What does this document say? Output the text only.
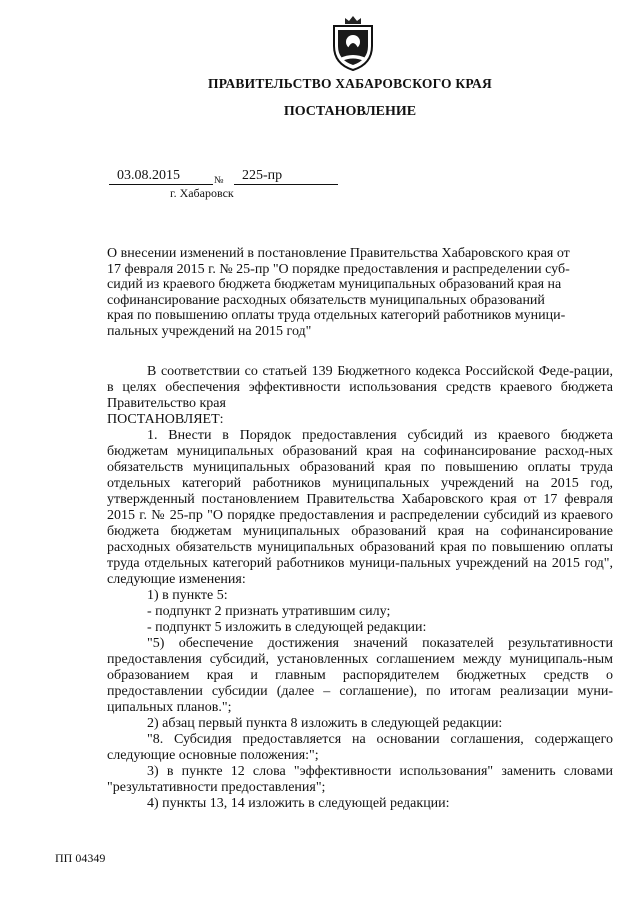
ПРАВИТЕЛЬСТВО ХАБАРОВСКОГО КРАЯ
ПОСТАНОВЛЕНИЕ
03.08.2015	№	225-пр
г. Хабаровск
О внесении изменений в постановление Правительства Хабаровского края от
17 февраля 2015 г. № 25-пр "О порядке предоставления и распределении суб-
сидий из краевого бюджета бюджетам муниципальных образований края на
софинансирование расходных обязательств муниципальных образований
края по повышению оплаты труда отдельных категорий работников муници-
пальных учреждений на 2015 год"

В соответствии со статьей 139 Бюджетного кодекса Российской Феде-рации, в целях обеспечения эффективности использования средств краевого бюджета Правительство края

ПОСТАНОВЛЯЕТ:

1. Внести в Порядок предоставления субсидий из краевого бюджета бюджетам муниципальных образований края на софинансирование расход-ных обязательств муниципальных образований края по повышению оплаты труда отдельных категорий работников муниципальных учреждений на 2015 год, утвержденный постановлением Правительства Хабаровского края от 17 февраля 2015 г. № 25-пр "О порядке предоставления и распределении субсидий из краевого бюджета бюджетам муниципальных образований края на софинансирование расходных обязательств муниципальных образований края по повышению оплаты труда отдельных категорий работников муници-пальных учреждений на 2015 год", следующие изменения:

1) в пункте 5:

- подпункт 2 признать утратившим силу;

- подпункт 5 изложить в следующей редакции:

"5) обеспечение достижения значений показателей результативности предоставления субсидий, установленных соглашением между муниципаль-ным образованием края и главным распорядителем бюджетных средств о предоставлении субсидии (далее – соглашение), по итогам реализации муни-ципальных планов.";

2) абзац первый пункта 8 изложить в следующей редакции:

"8. Субсидия предоставляется на основании соглашения, содержащего следующие основные положения:";

3) в пункте 12 слова "эффективности использования" заменить словами "результативности предоставления";

4) пункты 13, 14 изложить в следующей редакции:

ПП 04349
